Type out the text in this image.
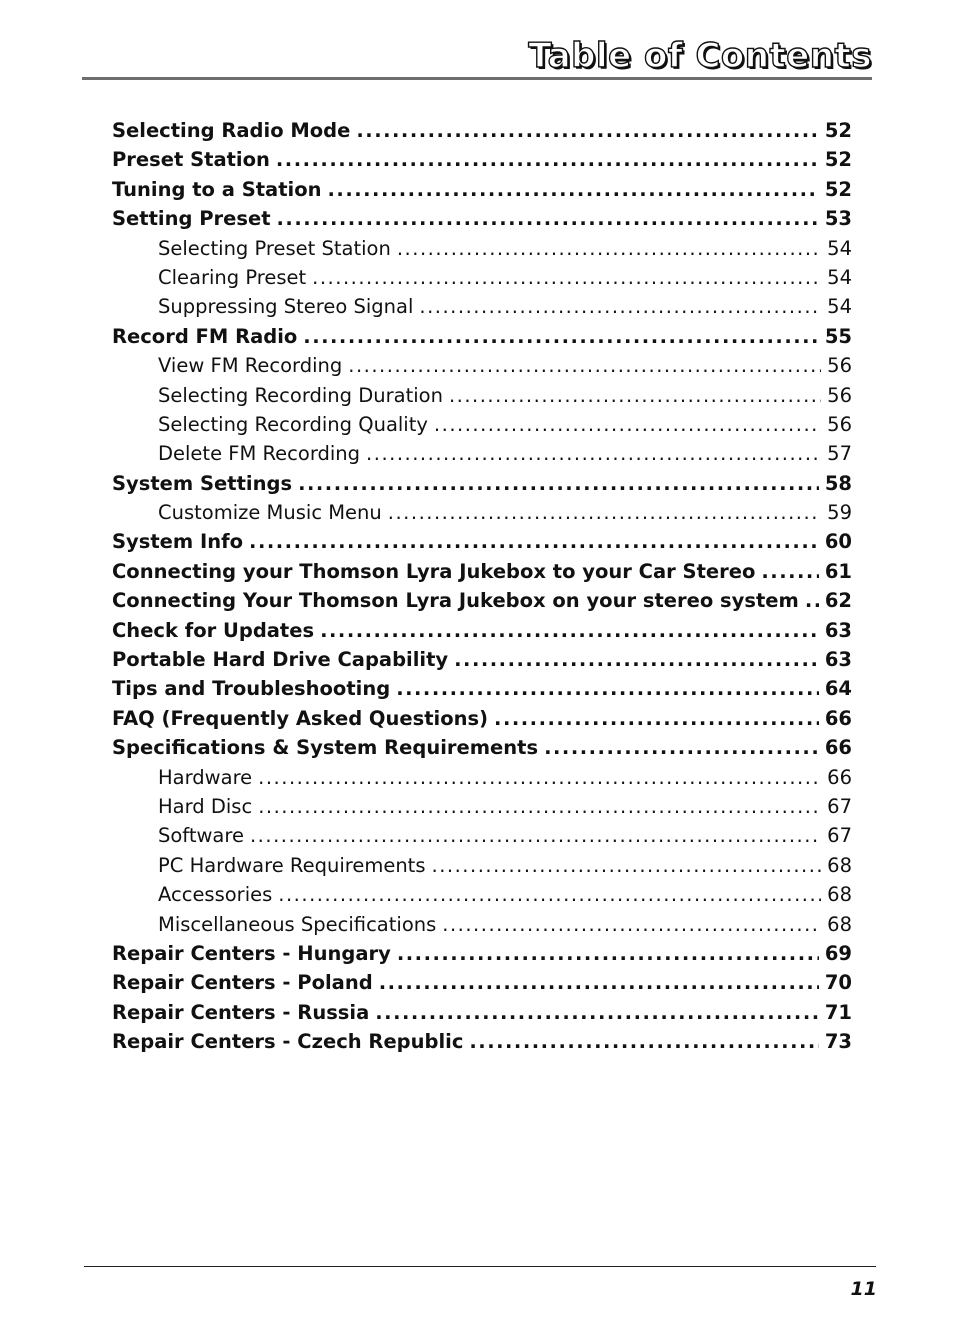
Table of Contents
Selecting Radio Mode .....	52
Preset Station .....	52
Tuning to a Station .....	52
Setting Preset .....	53
Selecting Preset Station .....	54
Clearing Preset .....	54
Suppressing Stereo Signal .....	54
Record FM Radio .....	55
View FM Recording .....	56
Selecting Recording Duration .....	56
Selecting Recording Quality .....	56
Delete FM Recording .....	57
System Settings .....	58
Customize Music Menu .....	59
System Info .....	60
Connecting your Thomson Lyra Jukebox to your Car Stereo .....	61
Connecting Your Thomson Lyra Jukebox on your stereo system ..... 62
Check for Updates .....	63
Portable Hard Drive Capability .....	63
Tips and Troubleshooting .....	64
FAQ (Frequently Asked Questions) .....	66
Specifications & System Requirements .....	66
Hardware .....	66
Hard Disc .....	67
Software .....	67
PC Hardware Requirements .....	68
Accessories .....	68
Miscellaneous Specifications .....	68
Repair Centers - Hungary .....	69
Repair Centers - Poland .....	70
Repair Centers - Russia .....	71
Repair Centers - Czech Republic .....	73
11
